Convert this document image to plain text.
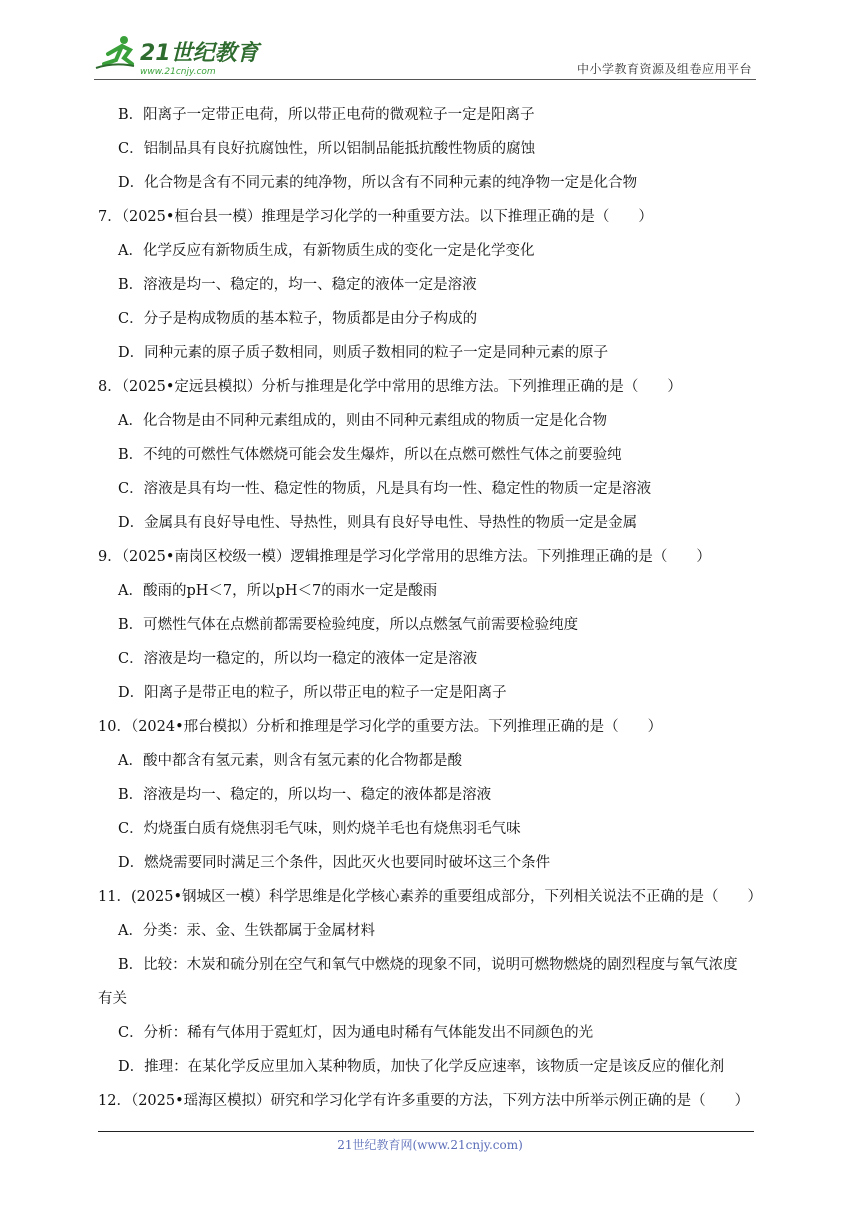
21世纪教育
www.21cnjy.com	中小学教育资源及组卷应用平台
B．阳离子一定带正电荷，所以带正电荷的微观粒子一定是阳离子
C．铝制品具有良好抗腐蚀性，所以铝制品能抵抗酸性物质的腐蚀
D．化合物是含有不同元素的纯净物，所以含有不同种元素的纯净物一定是化合物
7．（2025•桓台县一模）推理是学习化学的一种重要方法。以下推理正确的是（　　）
A．化学反应有新物质生成，有新物质生成的变化一定是化学变化
B．溶液是均一、稳定的，均一、稳定的液体一定是溶液
C．分子是构成物质的基本粒子，物质都是由分子构成的
D．同种元素的原子质子数相同，则质子数相同的粒子一定是同种元素的原子
8．（2025•定远县模拟）分析与推理是化学中常用的思维方法。下列推理正确的是（　　）
A．化合物是由不同种元素组成的，则由不同种元素组成的物质一定是化合物
B．不纯的可燃性气体燃烧可能会发生爆炸，所以在点燃可燃性气体之前要验纯
C．溶液是具有均一性、稳定性的物质，凡是具有均一性、稳定性的物质一定是溶液
D．金属具有良好导电性、导热性，则具有良好导电性、导热性的物质一定是金属
9．（2025•南岗区校级一模）逻辑推理是学习化学常用的思维方法。下列推理正确的是（　　）
A．酸雨的pH＜7，所以pH＜7的雨水一定是酸雨
B．可燃性气体在点燃前都需要检验纯度，所以点燃氢气前需要检验纯度
C．溶液是均一稳定的，所以均一稳定的液体一定是溶液
D．阳离子是带正电的粒子，所以带正电的粒子一定是阳离子
10．（2024•邢台模拟）分析和推理是学习化学的重要方法。下列推理正确的是（　　）
A．酸中都含有氢元素，则含有氢元素的化合物都是酸
B．溶液是均一、稳定的，所以均一、稳定的液体都是溶液
C．灼烧蛋白质有烧焦羽毛气味，则灼烧羊毛也有烧焦羽毛气味
D．燃烧需要同时满足三个条件，因此灭火也要同时破坏这三个条件
11．(2025•钢城区一模）科学思维是化学核心素养的重要组成部分，下列相关说法不正确的是（　　）
A．分类：汞、金、生铁都属于金属材料
B．比较：木炭和硫分别在空气和氧气中燃烧的现象不同，说明可燃物燃烧的剧烈程度与氧气浓度
有关
C．分析：稀有气体用于霓虹灯，因为通电时稀有气体能发出不同颜色的光
D．推理：在某化学反应里加入某种物质，加快了化学反应速率，该物质一定是该反应的催化剂
12．（2025•瑶海区模拟）研究和学习化学有许多重要的方法，下列方法中所举示例正确的是（　　）
21世纪教育网(www.21cnjy.com)
